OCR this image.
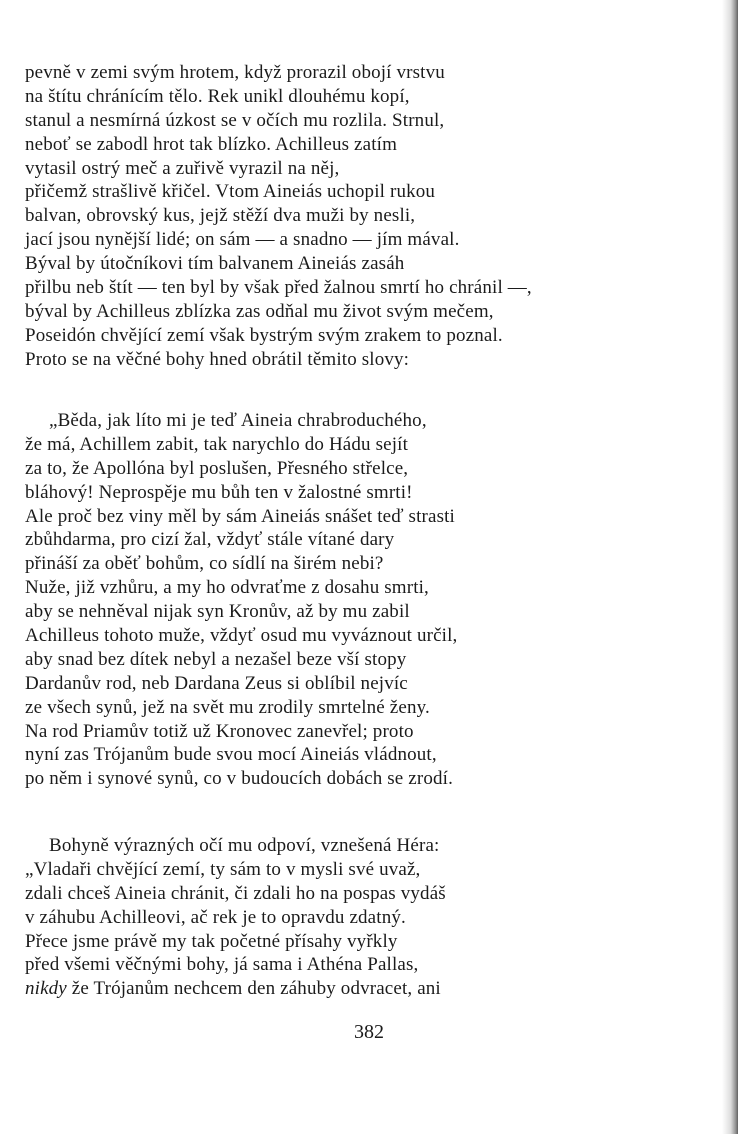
pevně v zemi svým hrotem, když prorazil obojí vrstvu
na štítu chránícím tělo. Rek unikl dlouhému kopí,
stanul a nesmírná úzkost se v očích mu rozlila. Strnul,
neboť se zabodl hrot tak blízko. Achilleus zatím
vytasil ostrý meč a zuřivě vyrazil na něj,
přičemž strašlivě křičel. Vtom Aineiás uchopil rukou
balvan, obrovský kus, jejž stěží dva muži by nesli,
jací jsou nynější lidé; on sám — a snadno — jím mával.
Býval by útočníkovi tím balvanem Aineiás zasáh
přilbu neb štít — ten byl by však před žalnou smrtí ho chránil —,
býval by Achilleus zblízka zas odňal mu život svým mečem,
Poseidón chvějící zemí však bystrým svým zrakem to poznal.
Proto se na věčné bohy hned obrátil těmito slovy:
„Běda, jak líto mi je teď Aineia chrabroduchého,
že má, Achillem zabit, tak narychlo do Hádu sejít
za to, že Apollóna byl poslušen, Přesného střelce,
bláhový! Neprospěje mu bůh ten v žalostné smrti!
Ale proč bez viny měl by sám Aineiás snášet teď strasti
zbůhdarma, pro cizí žal, vždyť stále vítané dary
přináší za oběť bohům, co sídlí na širém nebi?
Nuže, již vzhůru, a my ho odvraťme z dosahu smrti,
aby se nehněval nijak syn Kronův, až by mu zabil
Achilleus tohoto muže, vždyť osud mu vyváznout určil,
aby snad bez dítek nebyl a nezašel beze vší stopy
Dardanův rod, neb Dardana Zeus si oblíbil nejvíc
ze všech synů, jež na svět mu zrodily smrtelné ženy.
Na rod Priamův totiž už Kronovec zanevřel; proto
nyní zas Trójanům bude svou mocí Aineiás vládnout,
po něm i synové synů, co v budoucích dobách se zrodí.
Bohyně výrazných očí mu odpoví, vznešená Héra:
„Vladaři chvějící zemí, ty sám to v mysli své uvaž,
zdali chceš Aineia chránit, či zdali ho na pospas vydáš
v záhubu Achilleovi, ač rek je to opravdu zdatný.
Přece jsme právě my tak početné přísahy vyřkly
před všemi věčnými bohy, já sama i Athéna Pallas,
nikdy že Trójanům nechcem den záhuby odvracet, ani
382
